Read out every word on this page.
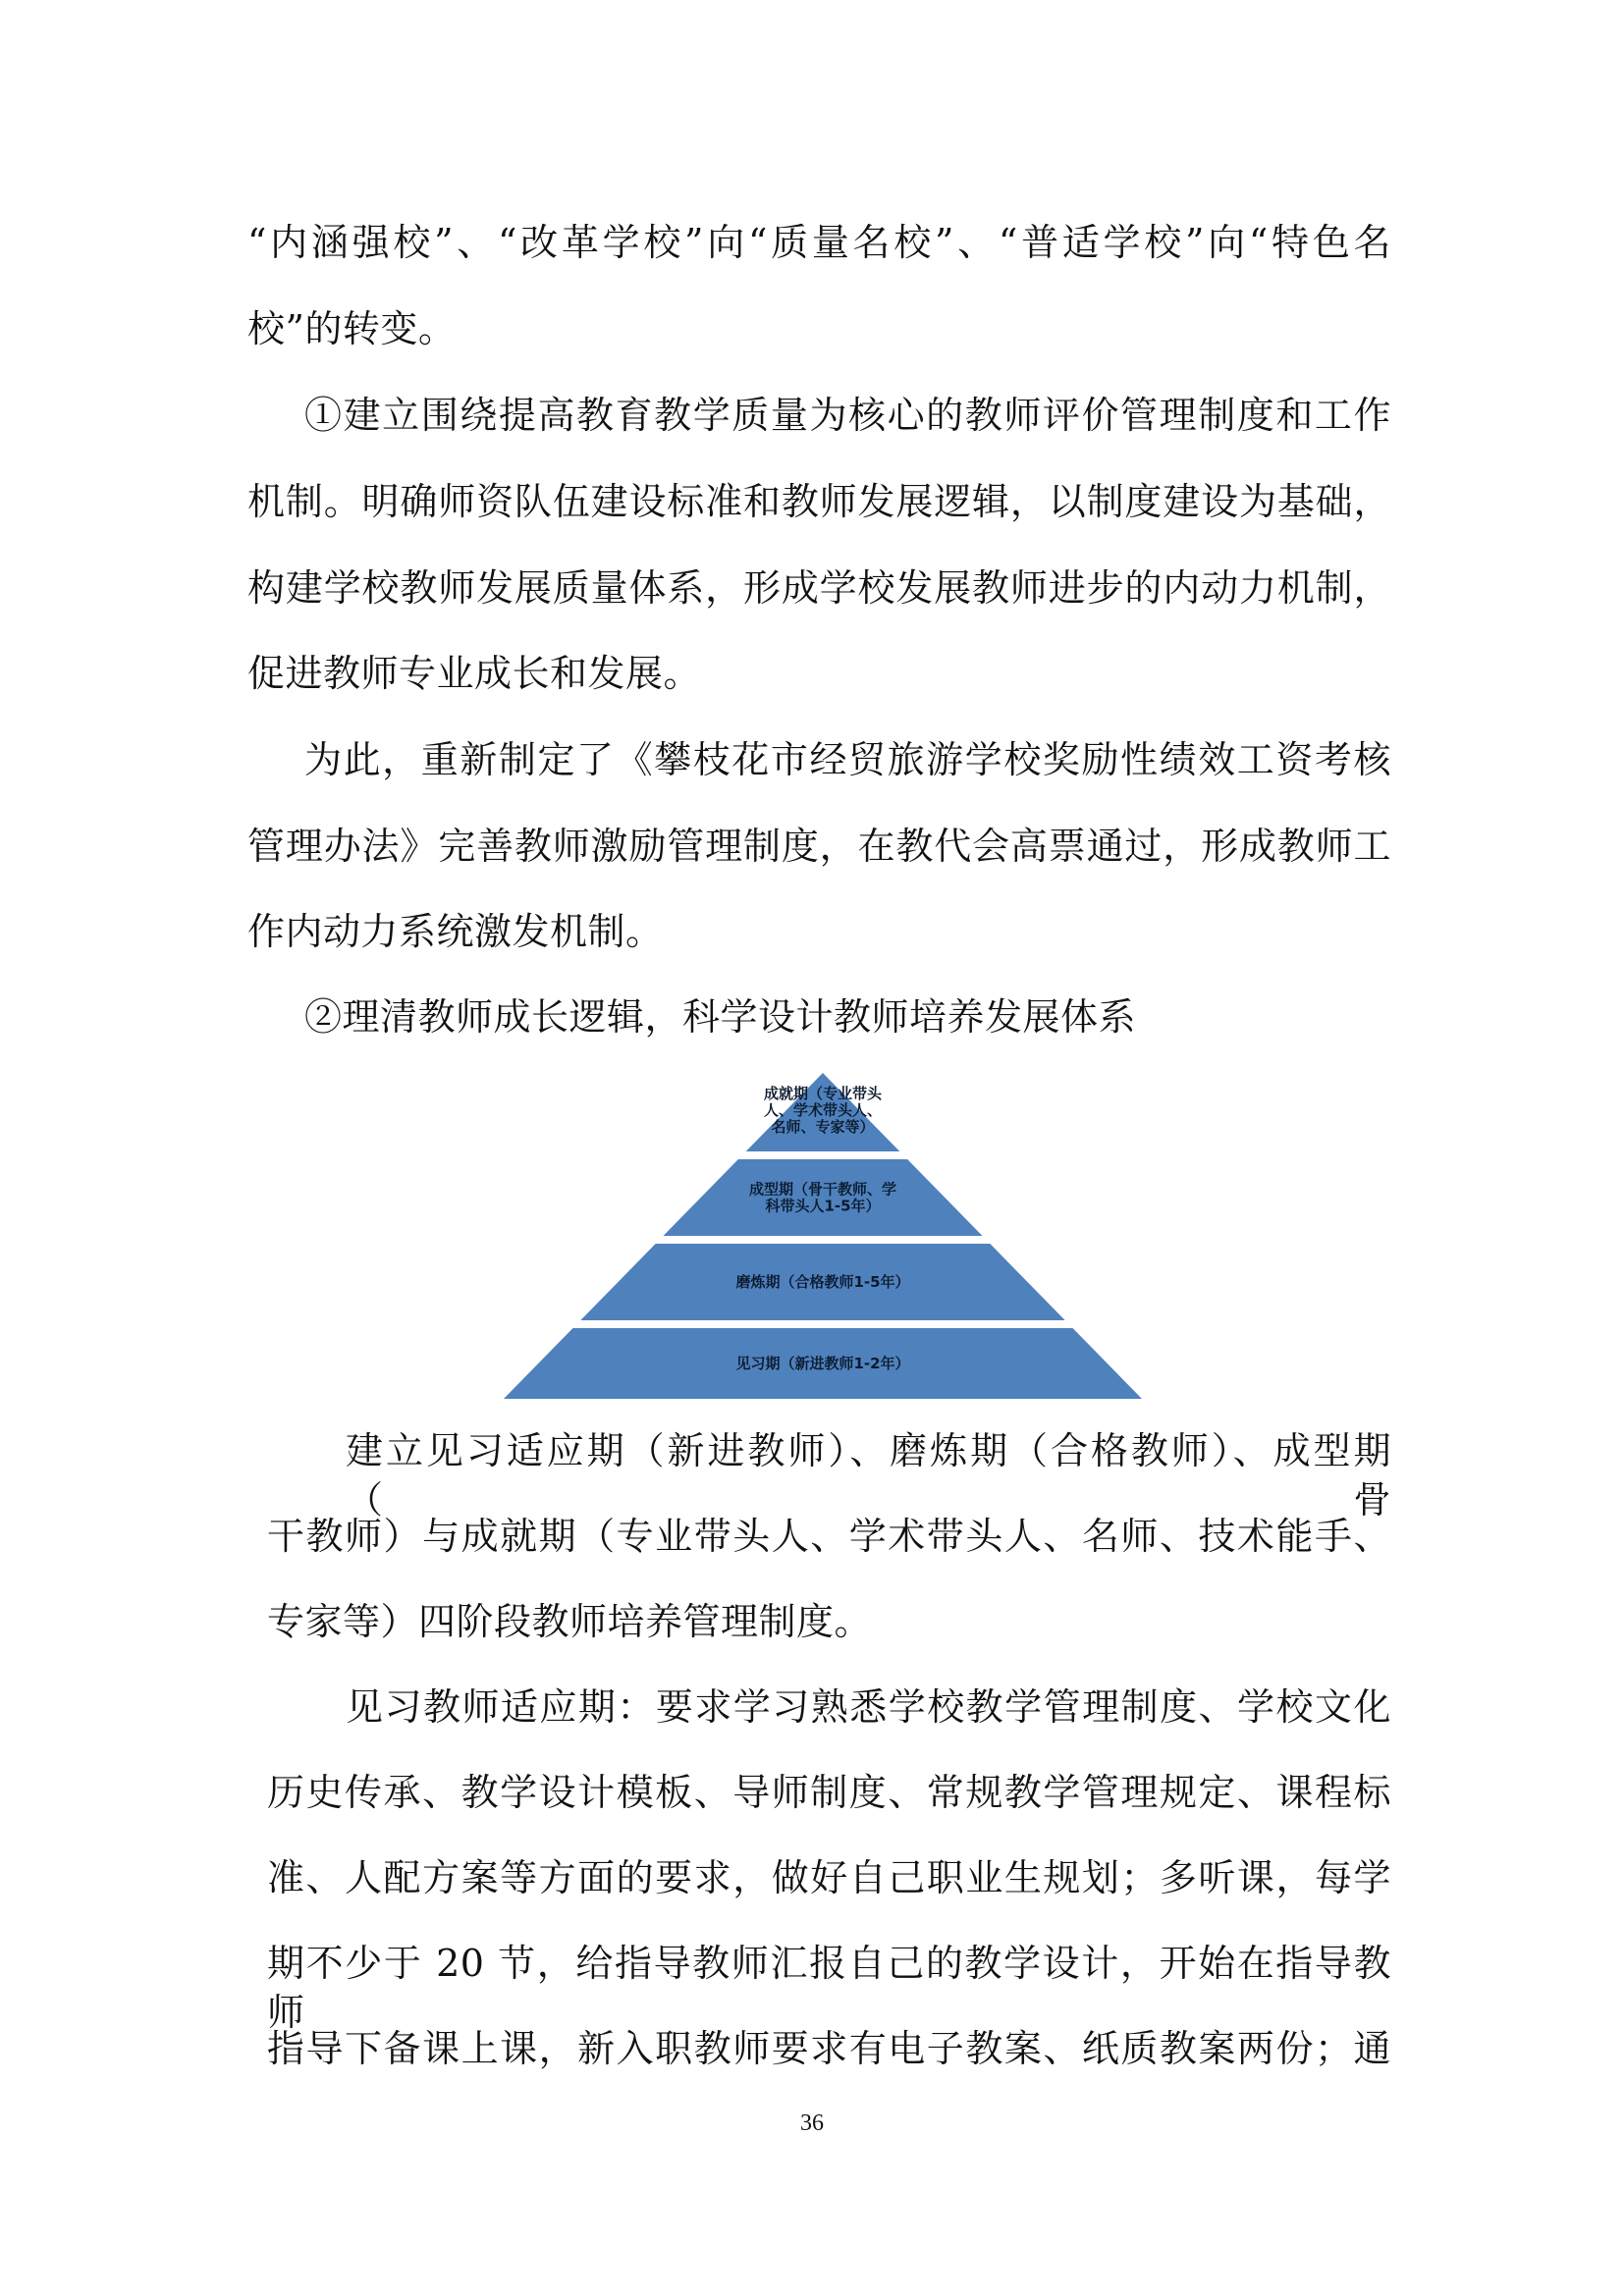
“内涵强校”、“改革学校”向“质量名校”、“普适学校”向“特色名
校”的转变。
①建立围绕提高教育教学质量为核心的教师评价管理制度和工作
机制。明确师资队伍建设标准和教师发展逻辑，以制度建设为基础，
构建学校教师发展质量体系，形成学校发展教师进步的内动力机制，
促进教师专业成长和发展。
为此，重新制定了《攀枝花市经贸旅游学校奖励性绩效工资考核
管理办法》完善教师激励管理制度，在教代会高票通过，形成教师工
作内动力系统激发机制。
②理清教师成长逻辑，科学设计教师培养发展体系
成就期（专业带头
人、学术带头人、
名师、专家等）
成型期（骨干教师、学
科带头人1-5年）
磨炼期（合格教师1-5年）
见习期（新进教师1-2年）
建立见习适应期（新进教师）、磨炼期（合格教师）、成型期（骨
干教师）与成就期（专业带头人、学术带头人、名师、技术能手、
专家等）四阶段教师培养管理制度。
见习教师适应期：要求学习熟悉学校教学管理制度、学校文化
历史传承、教学设计模板、导师制度、常规教学管理规定、课程标
准、人配方案等方面的要求，做好自己职业生规划；多听课，每学
期不少于 20 节，给指导教师汇报自己的教学设计，开始在指导教师
指导下备课上课，新入职教师要求有电子教案、纸质教案两份；通
36
